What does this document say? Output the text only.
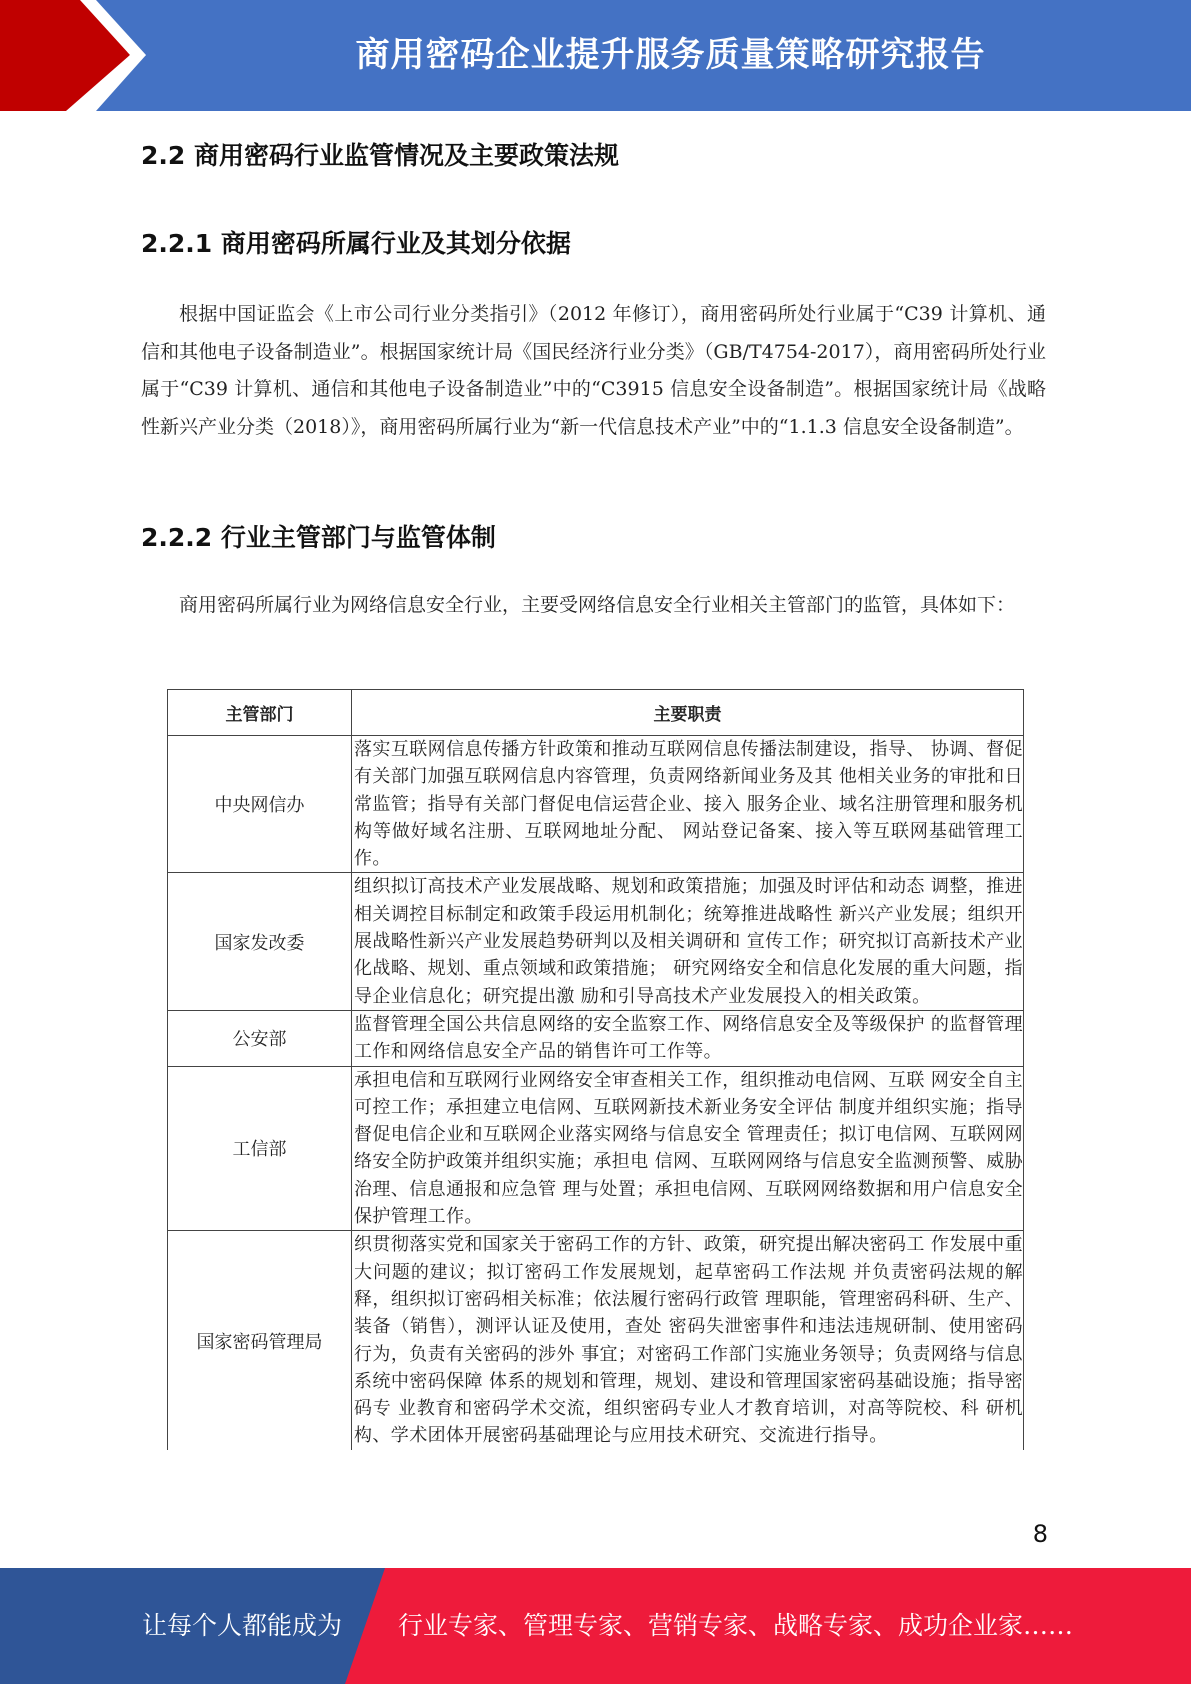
商用密码企业提升服务质量策略研究报告
2.2 商用密码行业监管情况及主要政策法规
2.2.1 商用密码所属行业及其划分依据
根据中国证监会《上市公司行业分类指引》（2012 年修订），商用密码所处行业属于“C39 计算机、通信和其他电子设备制造业”。根据国家统计局《国民经济行业分类》（GB/T4754-2017），商用密码所处行业属于“C39 计算机、通信和其他电子设备制造业”中的“C3915 信息安全设备制造”。根据国家统计局《战略性新兴产业分类（2018）》，商用密码所属行业为“新一代信息技术产业”中的“1.1.3 信息安全设备制造”。
2.2.2 行业主管部门与监管体制
商用密码所属行业为网络信息安全行业，主要受网络信息安全行业相关主管部门的监管，具体如下：
主管部门	主要职责
中央网信办	落实互联网信息传播方针政策和推动互联网信息传播法制建设，指导、 协调、督促有关部门加强互联网信息内容管理，负责网络新闻业务及其 他相关业务的审批和日常监管；指导有关部门督促电信运营企业、接入 服务企业、域名注册管理和服务机构等做好域名注册、互联网地址分配、 网站登记备案、接入等互联网基础管理工作。
国家发改委	组织拟订高技术产业发展战略、规划和政策措施；加强及时评估和动态 调整，推进相关调控目标制定和政策手段运用机制化；统筹推进战略性 新兴产业发展；组织开展战略性新兴产业发展趋势研判以及相关调研和 宣传工作；研究拟订高新技术产业化战略、规划、重点领域和政策措施； 研究网络安全和信息化发展的重大问题，指导企业信息化；研究提出激 励和引导高技术产业发展投入的相关政策。
公安部	监督管理全国公共信息网络的安全监察工作、网络信息安全及等级保护 的监督管理工作和网络信息安全产品的销售许可工作等。
工信部	承担电信和互联网行业网络安全审查相关工作，组织推动电信网、互联 网安全自主可控工作；承担建立电信网、互联网新技术新业务安全评估 制度并组织实施；指导督促电信企业和互联网企业落实网络与信息安全 管理责任；拟订电信网、互联网网络安全防护政策并组织实施；承担电 信网、互联网网络与信息安全监测预警、威胁治理、信息通报和应急管 理与处置；承担电信网、互联网网络数据和用户信息安全保护管理工作。
国家密码管理局	织贯彻落实党和国家关于密码工作的方针、政策，研究提出解决密码工 作发展中重大问题的建议；拟订密码工作发展规划，起草密码工作法规 并负责密码法规的解释，组织拟订密码相关标准；依法履行密码行政管 理职能，管理密码科研、生产、装备（销售），测评认证及使用，查处 密码失泄密事件和违法违规研制、使用密码行为，负责有关密码的涉外 事宜；对密码工作部门实施业务领导；负责网络与信息系统中密码保障 体系的规划和管理，规划、建设和管理国家密码基础设施；指导密码专 业教育和密码学术交流，组织密码专业人才教育培训，对高等院校、科 研机构、学术团体开展密码基础理论与应用技术研究、交流进行指导。
8
让每个人都能成为 行业专家、管理专家、营销专家、战略专家、成功企业家……
